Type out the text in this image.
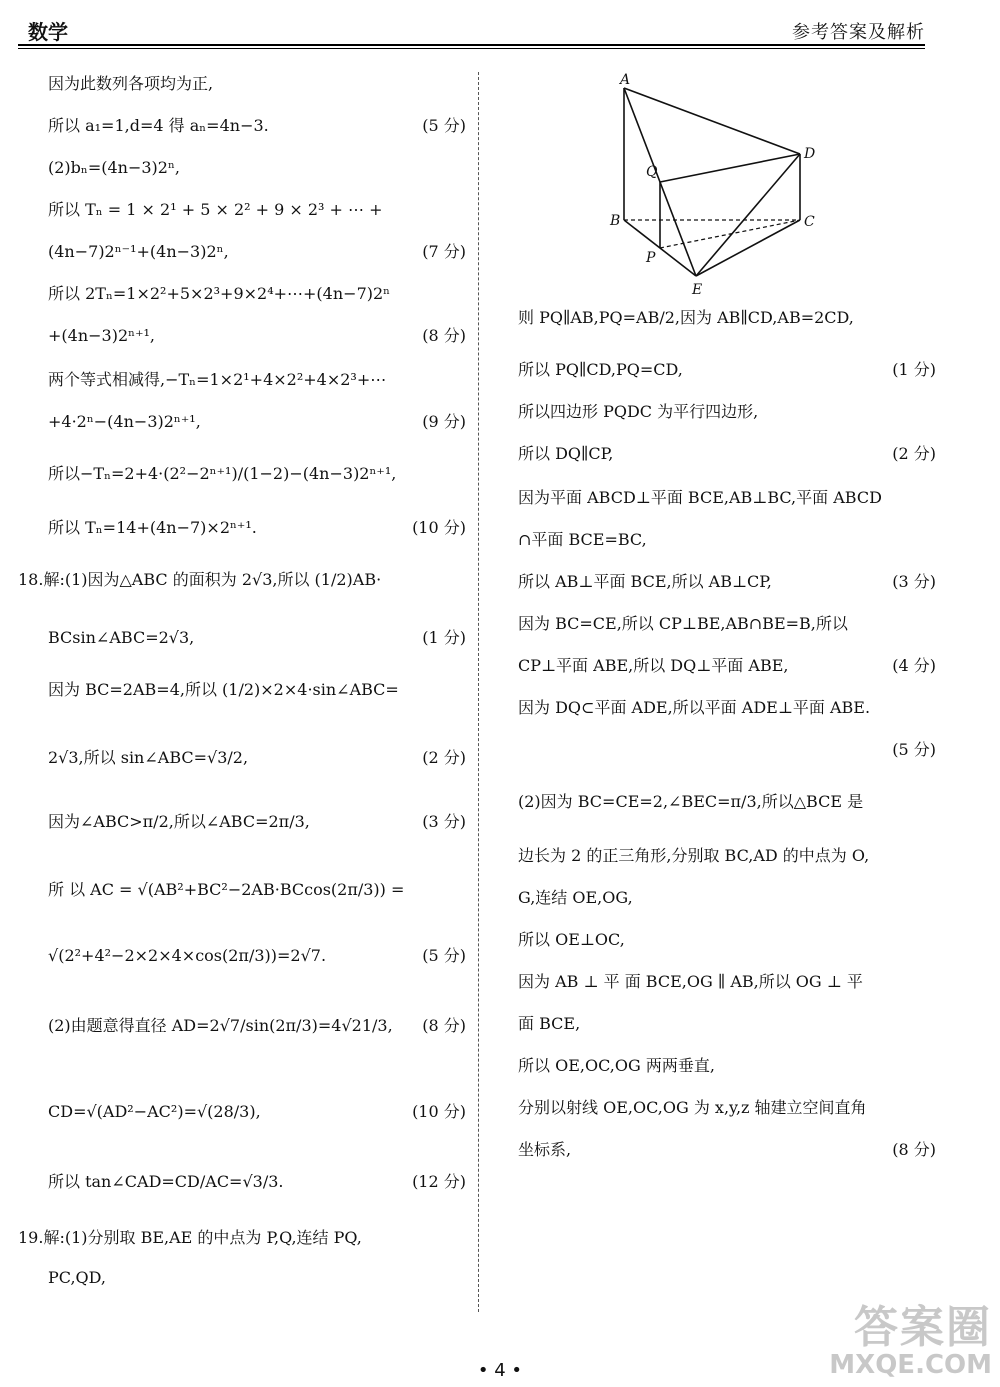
数学	参考答案及解析
因为此数列各项均为正,
所以 a₁=1,d=4 得 aₙ=4n−3.	(5 分)
(2)bₙ=(4n−3)2ⁿ,
所以 Tₙ = 1 × 2¹ + 5 × 2² + 9 × 2³ + ⋯ +
(4n−7)2ⁿ⁻¹+(4n−3)2ⁿ,	(7 分)
所以 2Tₙ=1×2²+5×2³+9×2⁴+⋯+(4n−7)2ⁿ
+(4n−3)2ⁿ⁺¹,	(8 分)
两个等式相减得,−Tₙ=1×2¹+4×2²+4×2³+⋯
+4·2ⁿ−(4n−3)2ⁿ⁺¹,	(9 分)
所以−Tₙ=2+4·(2²−2ⁿ⁺¹)/(1−2)−(4n−3)2ⁿ⁺¹,
所以 Tₙ=14+(4n−7)×2ⁿ⁺¹.	(10 分)
18.解:(1)因为△ABC 的面积为 2√3,所以 (1/2)AB·
BCsin∠ABC=2√3,	(1 分)
因为 BC=2AB=4,所以 (1/2)×2×4·sin∠ABC=
2√3,所以 sin∠ABC=√3/2,	(2 分)
因为∠ABC>π/2,所以∠ABC=2π/3,	(3 分)
所 以 AC = √(AB²+BC²−2AB·BCcos(2π/3)) =
√(2²+4²−2×2×4×cos(2π/3))=2√7.	(5 分)
(2)由题意得直径 AD=2√7/sin(2π/3)=4√21/3, (8 分)
CD=√(AD²−AC²)=√(28/3),	(10 分)
所以 tan∠CAD=CD/AC=√3/3.	(12 分)
19.解:(1)分别取 BE,AE 的中点为 P,Q,连结 PQ,
PC,QD,
A
B	C
D
E
P
Q
则 PQ∥AB,PQ=AB/2,因为 AB∥CD,AB=2CD,
所以 PQ∥CD,PQ=CD,	(1 分)
所以四边形 PQDC 为平行四边形,
所以 DQ∥CP,	(2 分)
因为平面 ABCD⊥平面 BCE,AB⊥BC,平面 ABCD
∩平面 BCE=BC,
所以 AB⊥平面 BCE,所以 AB⊥CP,	(3 分)
因为 BC=CE,所以 CP⊥BE,AB∩BE=B,所以
CP⊥平面 ABE,所以 DQ⊥平面 ABE,	(4 分)
因为 DQ⊂平面 ADE,所以平面 ADE⊥平面 ABE.
(5 分)
(2)因为 BC=CE=2,∠BEC=π/3,所以△BCE 是
边长为 2 的正三角形,分别取 BC,AD 的中点为 O,
G,连结 OE,OG,
所以 OE⊥OC,
因为 AB ⊥ 平 面 BCE,OG ∥ AB,所以 OG ⊥ 平
面 BCE,
所以 OE,OC,OG 两两垂直,
分别以射线 OE,OC,OG 为 x,y,z 轴建立空间直角
坐标系,	(8 分)
• 4 •
答案圈
MXQE.COM
